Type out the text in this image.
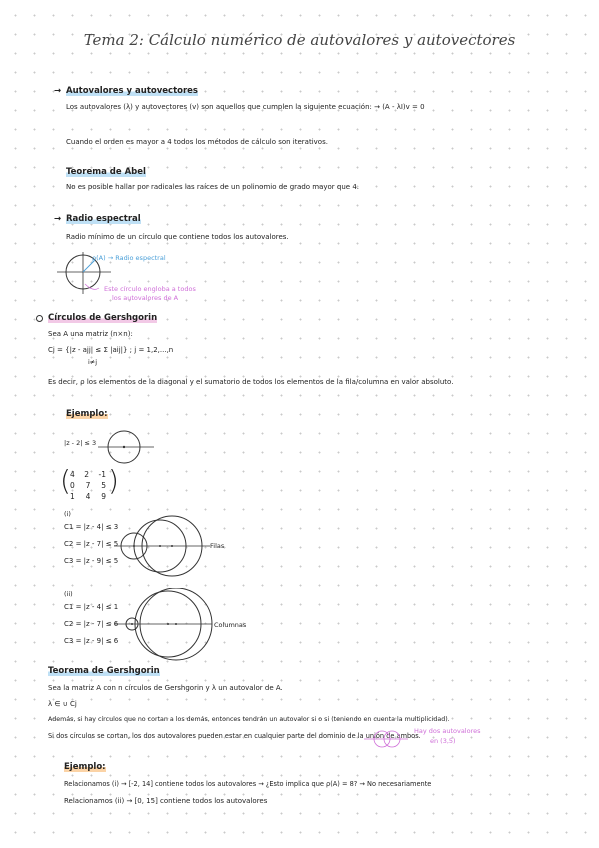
Tema 2: Cálculo numérico de autovalores y autovectores
→ Autovalores y autovectores
Los autovalores (λ) y autovectores (v) son aquellos que cumplen la siguiente ecuación: → (A - λI)v = 0
Cuando el orden es mayor a 4 todos los métodos de cálculo son iterativos.
Teorema de Abel
No es posible hallar por radicales las raíces de un polinomio de grado mayor que 4.
→ Radio espectral
Radio mínimo de un círculo que contiene todos los autovalores.
ρ(A) → Radio espectral
Este círculo engloba a todos
los autovalores de A
Círculos de Gershgorin
Sea A una matriz (n×n):
Cj = {|z - ajj| ≤ Σ |aij|} ; j = 1,2,...,n
i≠j
Es decir, ρ los elementos de la diagonal y el sumatorio de todos los elementos de la fila/columna en valor absoluto.
Ejemplo:
|z - 2| ≤ 3
( 4 2 -1
0 7 5
1 4 9 )
(i)
C1 = |z - 4| ≤ 3
C2 = |z - 7| ≤ 5
C3 = |z - 9| ≤ 5
Filas
(ii)
C1 = |z - 4| ≤ 1
C2 = |z - 7| ≤ 6
C3 = |z - 9| ≤ 6
Columnas
Teorema de Gershgorin
Sea la matriz A con n círculos de Gershgorin y λ un autovalor de A.
λ ∈ ∪ Cj
Además, si hay círculos que no cortan a los demás, entonces tendrán un autovalor si o si (teniendo en cuenta la multiplicidad).
Si dos círculos se cortan, los dos autovalores pueden estar en cualquier parte del dominio de la unión de ambos.
Hay dos autovalores
en (3,5)
Ejemplo:
Relacionamos (i) → [-2, 14] contiene todos los autovalores → ¿Esto implica que ρ(A) = 8? → No necesariamente
Relacionamos (ii) → [0, 15] contiene todos los autovalores
